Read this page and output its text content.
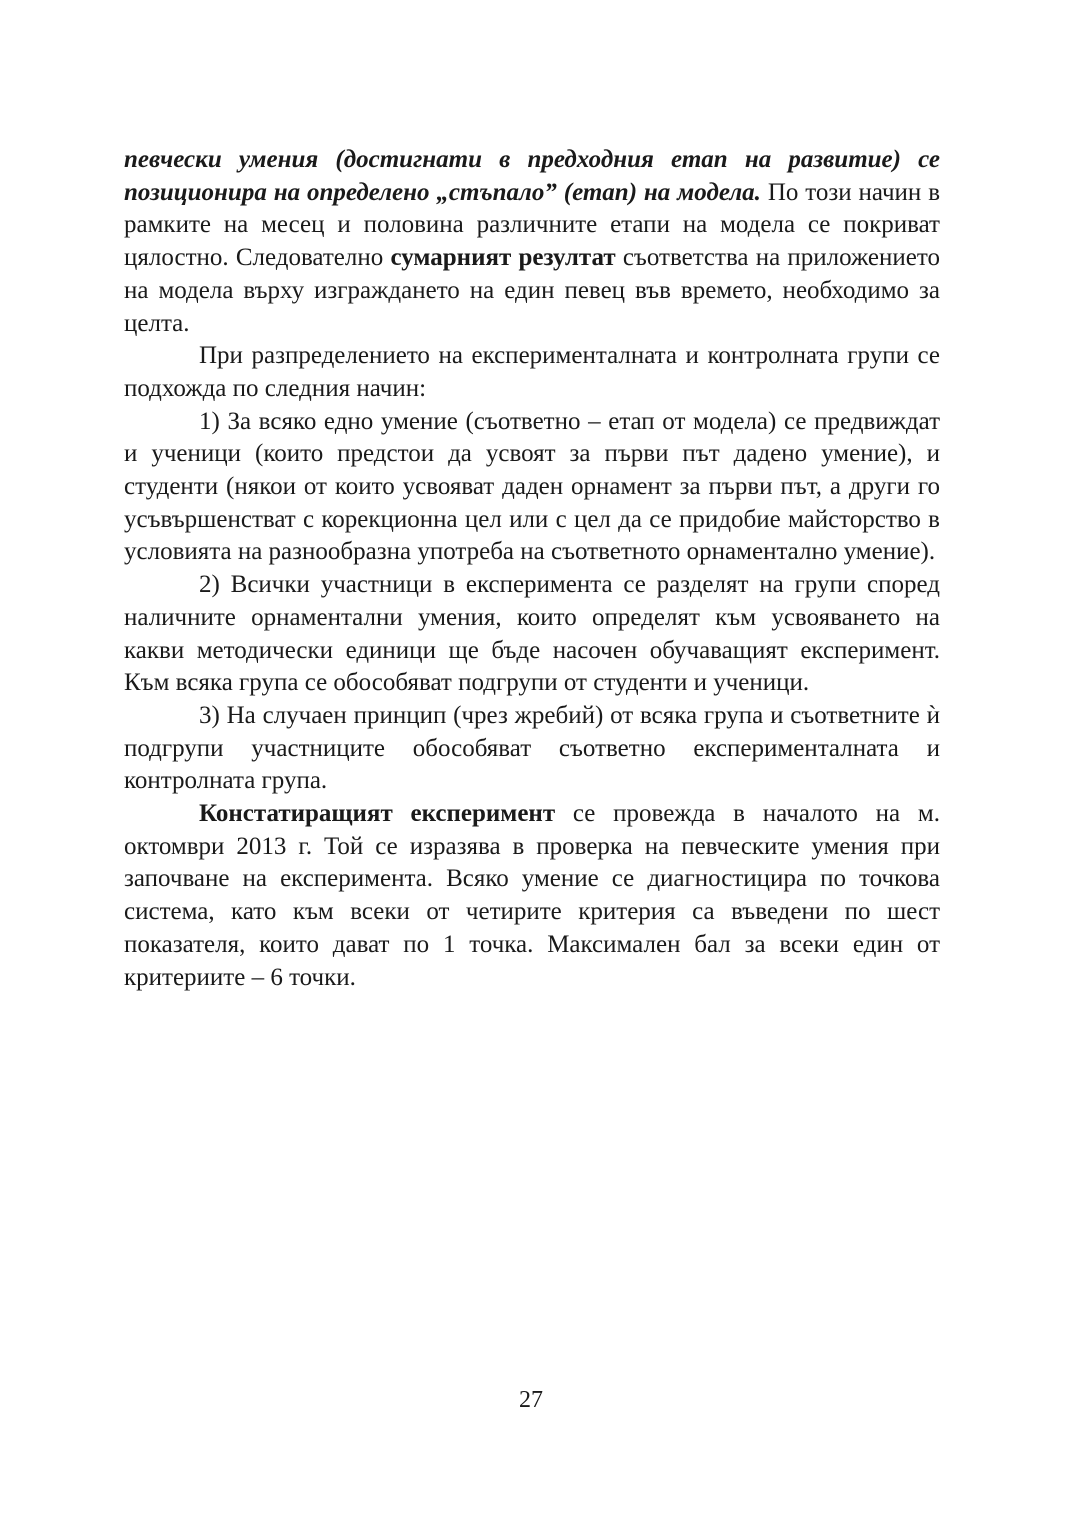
певчески умения (достигнати в предходния етап на развитие) се позиционира на определено „стъпало” (етап) на модела. По този начин в рамките на месец и половина различните етапи на модела се покриват цялостно. Следователно сумарният резултат съответства на приложението на модела върху изграждането на един певец във времето, необходимо за целта.

При разпределението на експерименталната и контролната групи се подхожда по следния начин:

1) За всяко едно умение (съответно – етап от модела) се предвиждат и ученици (които предстои да усвоят за първи път дадено умение), и студенти (някои от които усвояват даден орнамент за първи път, а други го усъвършенстват с корекционна цел или с цел да се придобие майсторство в условията на разнообразна употреба на съответното орнаментално умение).

2) Всички участници в експеримента се разделят на групи според наличните орнаментални умения, които определят към усвояването на какви методически единици ще бъде насочен обучаващият експеримент. Към всяка група се обособяват подгрупи от студенти и ученици.

3) На случаен принцип (чрез жребий) от всяка група и съответните ѝ подгрупи участниците обособяват съответно експерименталната и контролната група.

Констатиращият експеримент се провежда в началото на м. октомври 2013 г. Той се изразява в проверка на певческите умения при започване на експеримента. Всяко умение се диагностицира по точкова система, като към всеки от четирите критерия са въведени по шест показателя, които дават по 1 точка. Максимален бал за всеки един от критериите – 6 точки.

27
